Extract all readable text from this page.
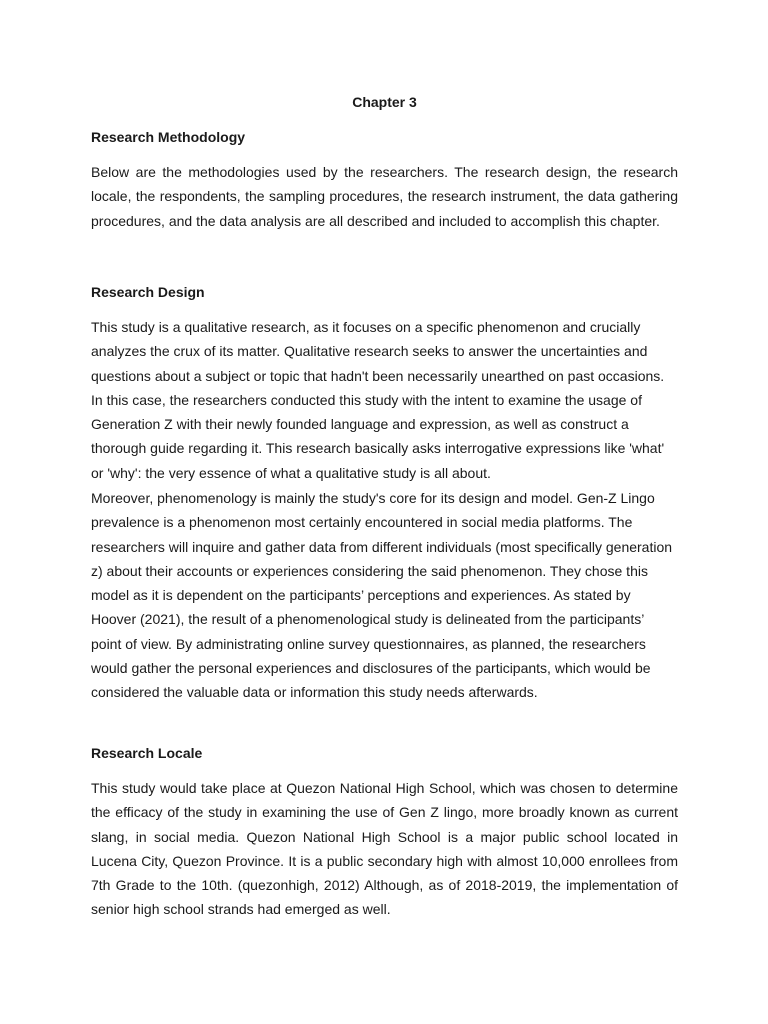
Chapter 3
Research Methodology

Below are the methodologies used by the researchers. The research design, the research locale, the respondents, the sampling procedures, the research instrument, the data gathering procedures, and the data analysis are all described and included to accomplish this chapter.

Research Design

This study is a qualitative research, as it focuses on a specific phenomenon and crucially analyzes the crux of its matter. Qualitative research seeks to answer the uncertainties and questions about a subject or topic that hadn't been necessarily unearthed on past occasions. In this case, the researchers conducted this study with the intent to examine the usage of Generation Z with their newly founded language and expression, as well as construct a thorough guide regarding it. This research basically asks interrogative expressions like 'what' or 'why': the very essence of what a qualitative study is all about.

Moreover, phenomenology is mainly the study's core for its design and model. Gen-Z Lingo prevalence is a phenomenon most certainly encountered in social media platforms. The researchers will inquire and gather data from different individuals (most specifically generation z) about their accounts or experiences considering the said phenomenon. They chose this model as it is dependent on the participants’ perceptions and experiences. As stated by Hoover (2021), the result of a phenomenological study is delineated from the participants’ point of view. By administrating online survey questionnaires, as planned, the researchers would gather the personal experiences and disclosures of the participants, which would be considered the valuable data or information this study needs afterwards.

Research Locale

This study would take place at Quezon National High School, which was chosen to determine the efficacy of the study in examining the use of Gen Z lingo, more broadly known as current slang, in social media. Quezon National High School is a major public school located in Lucena City, Quezon Province. It is a public secondary high with almost 10,000 enrollees from 7th Grade to the 10th. (quezonhigh, 2012) Although, as of 2018-2019, the implementation of senior high school strands had emerged as well.
